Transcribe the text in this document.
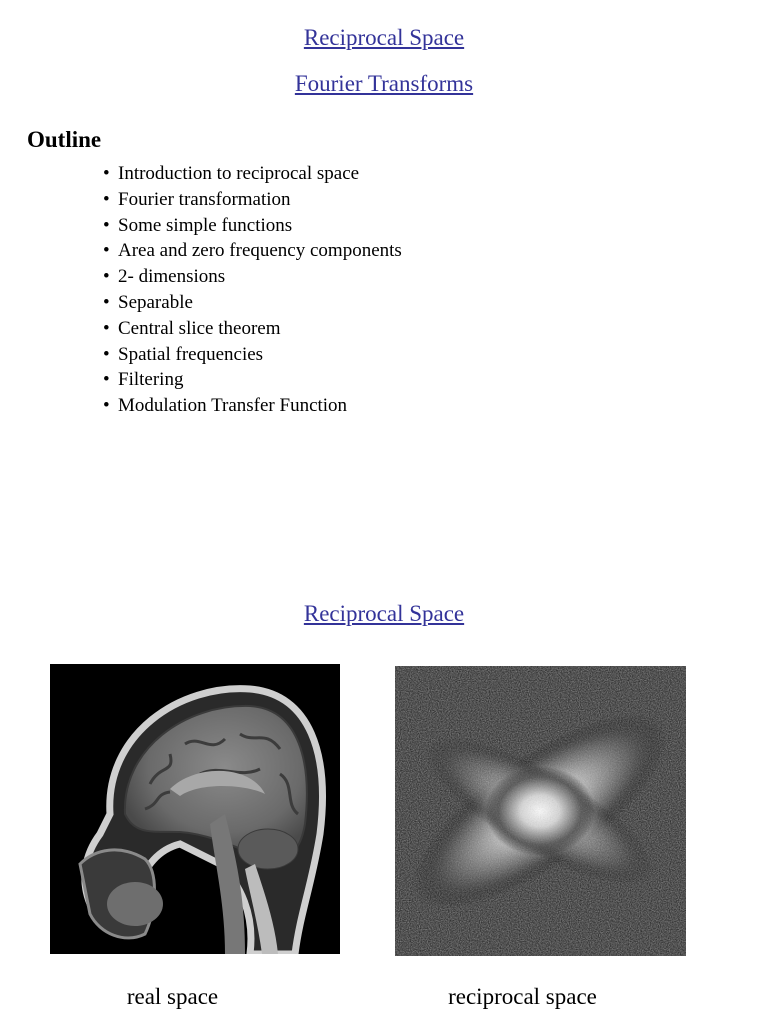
Reciprocal Space
Fourier Transforms
Outline
• Introduction to reciprocal space
• Fourier transformation
• Some simple functions
• Area and zero frequency components
• 2- dimensions
• Separable
• Central slice theorem
• Spatial frequencies
• Filtering
• Modulation Transfer Function
Reciprocal Space
real space	reciprocal space
